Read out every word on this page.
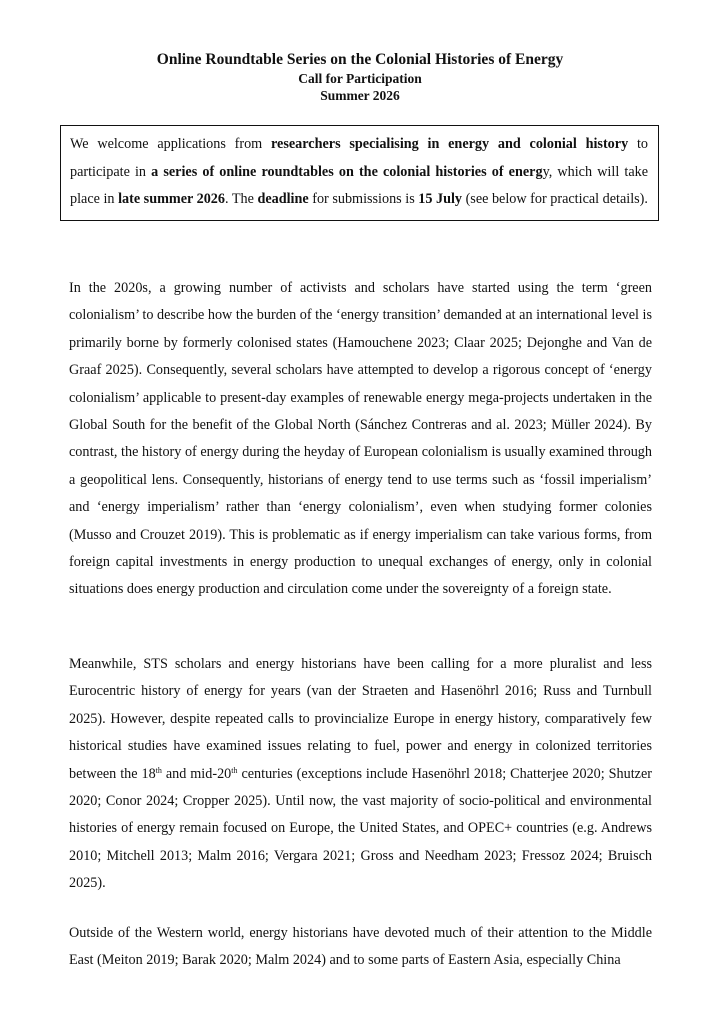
Online Roundtable Series on the Colonial Histories of Energy

Call for Participation

Summer 2026

We welcome applications from researchers specialising in energy and colonial history to participate in a series of online roundtables on the colonial histories of energy, which will take place in late summer 2026. The deadline for submissions is 15 July (see below for practical details).

In the 2020s, a growing number of activists and scholars have started using the term ‘green colonialism’ to describe how the burden of the ‘energy transition’ demanded at an international level is primarily borne by formerly colonised states (Hamouchene 2023; Claar 2025; Dejonghe and Van de Graaf 2025). Consequently, several scholars have attempted to develop a rigorous concept of ‘energy colonialism’ applicable to present-day examples of renewable energy mega-projects undertaken in the Global South for the benefit of the Global North (Sánchez Contreras and al. 2023; Müller 2024). By contrast, the history of energy during the heyday of European colonialism is usually examined through a geopolitical lens. Consequently, historians of energy tend to use terms such as ‘fossil imperialism’ and ‘energy imperialism’ rather than ‘energy colonialism’, even when studying former colonies (Musso and Crouzet 2019). This is problematic as if energy imperialism can take various forms, from foreign capital investments in energy production to unequal exchanges of energy, only in colonial situations does energy production and circulation come under the sovereignty of a foreign state.

Meanwhile, STS scholars and energy historians have been calling for a more pluralist and less Eurocentric history of energy for years (van der Straeten and Hasenöhrl 2016; Russ and Turnbull 2025). However, despite repeated calls to provincialize Europe in energy history, comparatively few historical studies have examined issues relating to fuel, power and energy in colonized territories between the 18th and mid-20th centuries (exceptions include Hasenöhrl 2018; Chatterjee 2020; Shutzer 2020; Conor 2024; Cropper 2025). Until now, the vast majority of socio-political and environmental histories of energy remain focused on Europe, the United States, and OPEC+ countries (e.g. Andrews 2010; Mitchell 2013; Malm 2016; Vergara 2021; Gross and Needham 2023; Fressoz 2024; Bruisch 2025).

Outside of the Western world, energy historians have devoted much of their attention to the Middle East (Meiton 2019; Barak 2020; Malm 2024) and to some parts of Eastern Asia, especially China
